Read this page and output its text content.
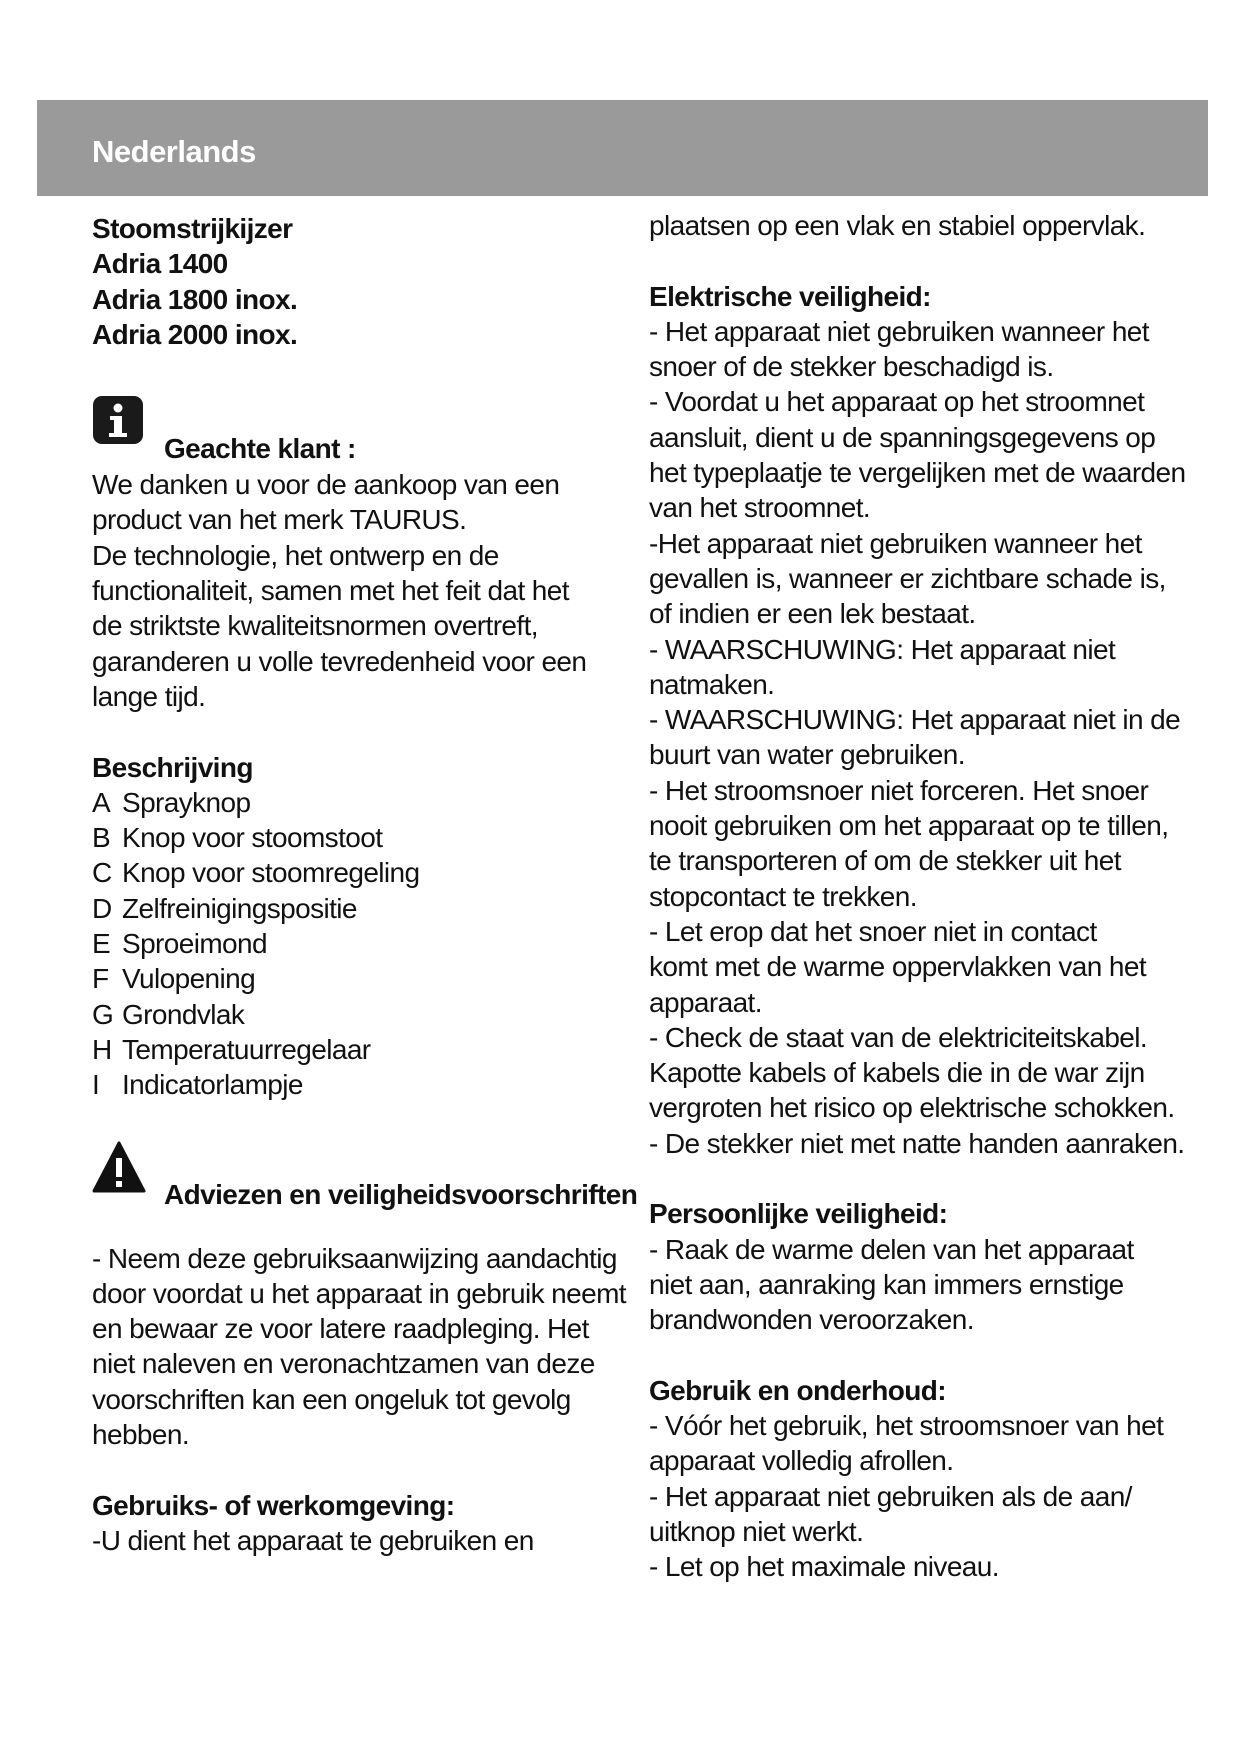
Nederlands
Stoomstrijkijzer
Adria 1400
Adria 1800 inox.
Adria 2000 inox.
Geachte klant :
We danken u voor de aankoop van een
product van het merk TAURUS.
De technologie, het ontwerp en de
functionaliteit, samen met het feit dat het
de striktste kwaliteitsnormen overtreft,
garanderen u volle tevredenheid voor een
lange tijd.
Beschrijving
A Sprayknop
B Knop voor stoomstoot
C Knop voor stoomregeling
D Zelfreinigingspositie
E Sproeimond
F Vulopening
G Grondvlak
H Temperatuurregelaar
I Indicatorlampje
Adviezen en veiligheidsvoorschriften
- Neem deze gebruiksaanwijzing aandachtig
door voordat u het apparaat in gebruik neemt
en bewaar ze voor latere raadpleging. Het
niet naleven en veronachtzamen van deze
voorschriften kan een ongeluk tot gevolg
hebben.
Gebruiks- of werkomgeving:
-U dient het apparaat te gebruiken en
plaatsen op een vlak en stabiel oppervlak.
Elektrische veiligheid:
- Het apparaat niet gebruiken wanneer het
snoer of de stekker beschadigd is.
- Voordat u het apparaat op het stroomnet
aansluit, dient u de spanningsgegevens op
het typeplaatje te vergelijken met de waarden
van het stroomnet.
-Het apparaat niet gebruiken wanneer het
gevallen is, wanneer er zichtbare schade is,
of indien er een lek bestaat.
- WAARSCHUWING: Het apparaat niet
natmaken.
- WAARSCHUWING: Het apparaat niet in de
buurt van water gebruiken.
- Het stroomsnoer niet forceren. Het snoer
nooit gebruiken om het apparaat op te tillen,
te transporteren of om de stekker uit het
stopcontact te trekken.
- Let erop dat het snoer niet in contact
komt met de warme oppervlakken van het
apparaat.
- Check de staat van de elektriciteitskabel.
Kapotte kabels of kabels die in de war zijn
vergroten het risico op elektrische schokken.
- De stekker niet met natte handen aanraken.
Persoonlijke veiligheid:
- Raak de warme delen van het apparaat
niet aan, aanraking kan immers ernstige
brandwonden veroorzaken.
Gebruik en onderhoud:
- Vóór het gebruik, het stroomsnoer van het
apparaat volledig afrollen.
- Het apparaat niet gebruiken als de aan/
uitknop niet werkt.
- Let op het maximale niveau.
